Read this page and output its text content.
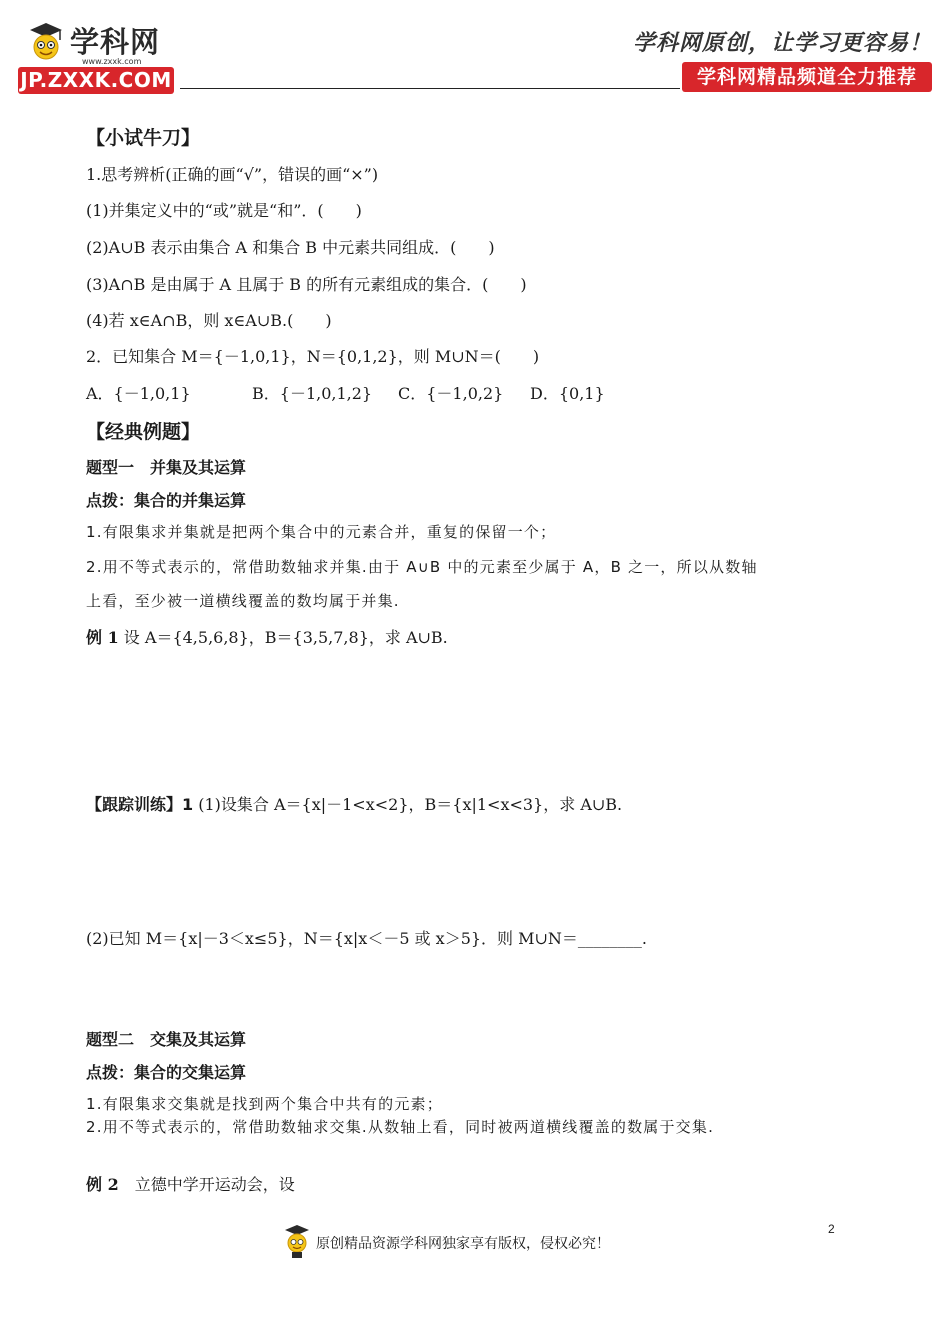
学科网
www.zxxk.com
JP.ZXXK.COM
学科网原创，让学习更容易！
学科网精品频道全力推荐
【小试牛刀】
1.思考辨析(正确的画“√”，错误的画“×”)
(1)并集定义中的“或”就是“和”．(　　)
(2)A∪B 表示由集合 A 和集合 B 中元素共同组成．(　　)
(3)A∩B 是由属于 A 且属于 B 的所有元素组成的集合．(　　)
(4)若 x∈A∩B，则 x∈A∪B.(　　)
2．已知集合 M＝{－1,0,1}，N＝{0,1,2}，则 M∪N＝(　　)
A．{－1,0,1}	B．{－1,0,1,2} C．{－1,0,2} D．{0,1}
【经典例题】
题型一　并集及其运算
点拨：集合的并集运算
1.有限集求并集就是把两个集合中的元素合并，重复的保留一个；
2.用不等式表示的，常借助数轴求并集.由于 A∪B 中的元素至少属于 A，B 之一，所以从数轴
上看，至少被一道横线覆盖的数均属于并集.
例 1 设 A＝{4,5,6,8}，B＝{3,5,7,8}，求 A∪B.
【跟踪训练】1 (1)设集合 A＝{x|－1<x<2}，B＝{x|1<x<3}，求 A∪B.
(2)已知 M＝{x|－3＜x≤5}，N＝{x|x＜－5 或 x＞5}．则 M∪N＝________.
题型二　交集及其运算
点拨：集合的交集运算
1.有限集求交集就是找到两个集合中共有的元素；
2.用不等式表示的，常借助数轴求交集.从数轴上看，同时被两道横线覆盖的数属于交集.
例 2　立德中学开运动会，设
2
原创精品资源学科网独家享有版权，侵权必究！
